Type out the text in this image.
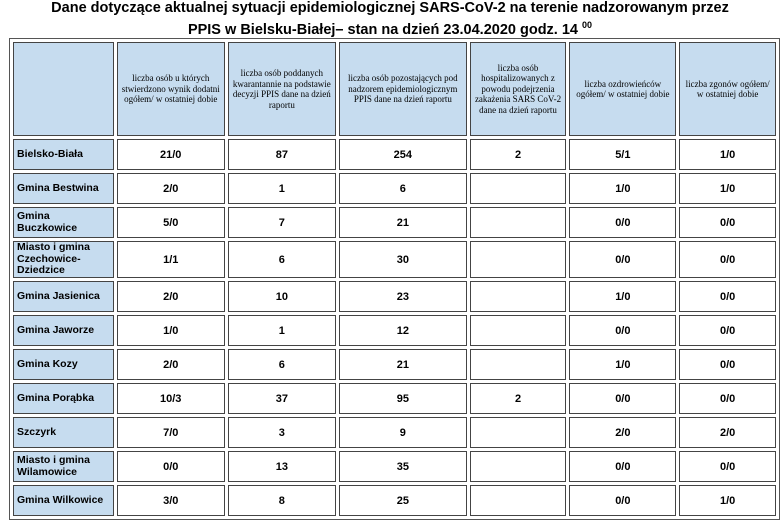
Dane dotyczące aktualnej sytuacji epidemiologicznej SARS-CoV-2 na terenie nadzorowanym przez
PPIS w Bielsku-Białej– stan na dzień 23.04.2020 godz. 14 $^{00}$
	liczba osób u których stwierdzono wynik dodatni ogółem/ w ostatniej dobie	liczba osób poddanych kwarantannie na podstawie decyzji PPIS dane na dzień raportu	liczba osób pozostających pod nadzorem epidemiologicznym PPIS dane na dzień raportu	liczba osób hospitalizowanych z powodu podejrzenia zakażenia SARS CoV-2 dane na dzień raportu	liczba ozdrowieńców ogółem/ w ostatniej dobie	liczba zgonów ogółem/ w ostatniej dobie
Bielsko-Biała	21/0	87	254	2	5/1	1/0
Gmina Bestwina	2/0	1	6		1/0	1/0
Gmina Buczkowice	5/0	7	21		0/0	0/0
Miasto i gmina Czechowice-Dziedzice	1/1	6	30		0/0	0/0
Gmina Jasienica	2/0	10	23		1/0	0/0
Gmina Jaworze	1/0	1	12		0/0	0/0
Gmina Kozy	2/0	6	21		1/0	0/0
Gmina Porąbka	10/3	37	95	2	0/0	0/0
Szczyrk	7/0	3	9		2/0	2/0
Miasto i gmina Wilamowice	0/0	13	35		0/0	0/0
Gmina Wilkowice	3/0	8	25		0/0	1/0
